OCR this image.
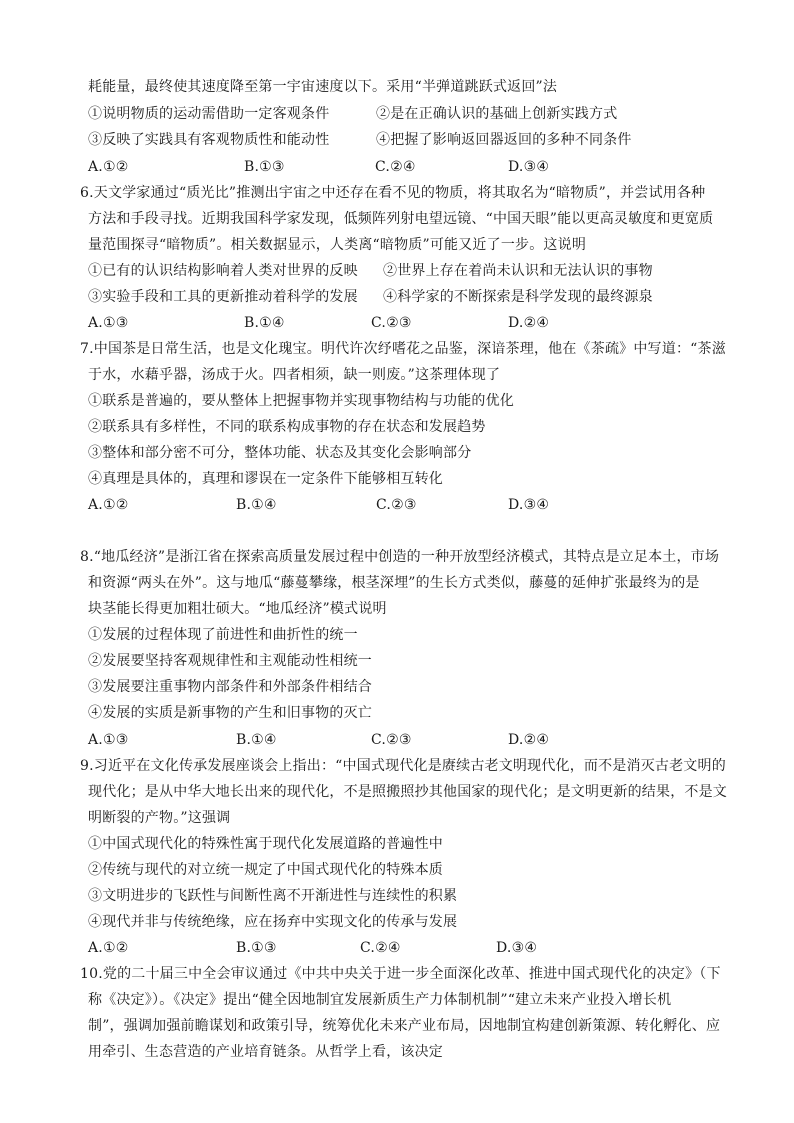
耗能量，最终使其速度降至第一宇宙速度以下。采用“半弹道跳跃式返回”法
①说明物质的运动需借助一定客观条件	②是在正确认识的基础上创新实践方式
③反映了实践具有客观物质性和能动性	④把握了影响返回器返回的多种不同条件
A.①②	B.①③	C.②④	D.③④
6.天文学家通过“质光比”推测出宇宙之中还存在看不见的物质，将其取名为“暗物质”，并尝试用各种
方法和手段寻找。近期我国科学家发现，低频阵列射电望远镜、“中国天眼”能以更高灵敏度和更宽质
量范围探寻“暗物质”。相关数据显示，人类离“暗物质”可能又近了一步。这说明
①已有的认识结构影响着人类对世界的反映 ②世界上存在着尚未认识和无法认识的事物
③实验手段和工具的更新推动着科学的发展 ④科学家的不断探索是科学发现的最终源泉
A.①③	B.①④	C.②③	D.②④
7.中国茶是日常生活，也是文化瑰宝。明代许次纾嗜花之品鉴，深谙茶理，他在《茶疏》中写道：“茶滋
于水，水藉乎器，汤成于火。四者相须，缺一则废。”这茶理体现了
①联系是普遍的，要从整体上把握事物并实现事物结构与功能的优化
②联系具有多样性，不同的联系构成事物的存在状态和发展趋势
③整体和部分密不可分，整体功能、状态及其变化会影响部分
④真理是具体的，真理和谬误在一定条件下能够相互转化
A.①②	B.①④	C.②③	D.③④
8.“地瓜经济”是浙江省在探索高质量发展过程中创造的一种开放型经济模式，其特点是立足本土，市场
和资源“两头在外”。这与地瓜“藤蔓攀缘，根茎深埋”的生长方式类似，藤蔓的延伸扩张最终为的是
块茎能长得更加粗壮硕大。“地瓜经济”模式说明
①发展的过程体现了前进性和曲折性的统一
②发展要坚持客观规律性和主观能动性相统一
③发展要注重事物内部条件和外部条件相结合
④发展的实质是新事物的产生和旧事物的灭亡
A.①③	B.①④	C.②③	D.②④
9.习近平在文化传承发展座谈会上指出：“中国式现代化是赓续古老文明现代化，而不是消灭古老文明的
现代化；是从中华大地长出来的现代化，不是照搬照抄其他国家的现代化；是文明更新的结果，不是文
明断裂的产物。”这强调
①中国式现代化的特殊性寓于现代化发展道路的普遍性中
②传统与现代的对立统一规定了中国式现代化的特殊本质
③文明进步的飞跃性与间断性离不开渐进性与连续性的积累
④现代并非与传统绝缘，应在扬弃中实现文化的传承与发展
A.①②	B.①③	C.②④	D.③④
10.党的二十届三中全会审议通过《中共中央关于进一步全面深化改革、推进中国式现代化的决定》（下
称《决定》）。《决定》提出“健全因地制宜发展新质生产力体制机制”“建立未来产业投入增长机
制”，强调加强前瞻谋划和政策引导，统筹优化未来产业布局，因地制宜构建创新策源、转化孵化、应
用牵引、生态营造的产业培育链条。从哲学上看，该决定
